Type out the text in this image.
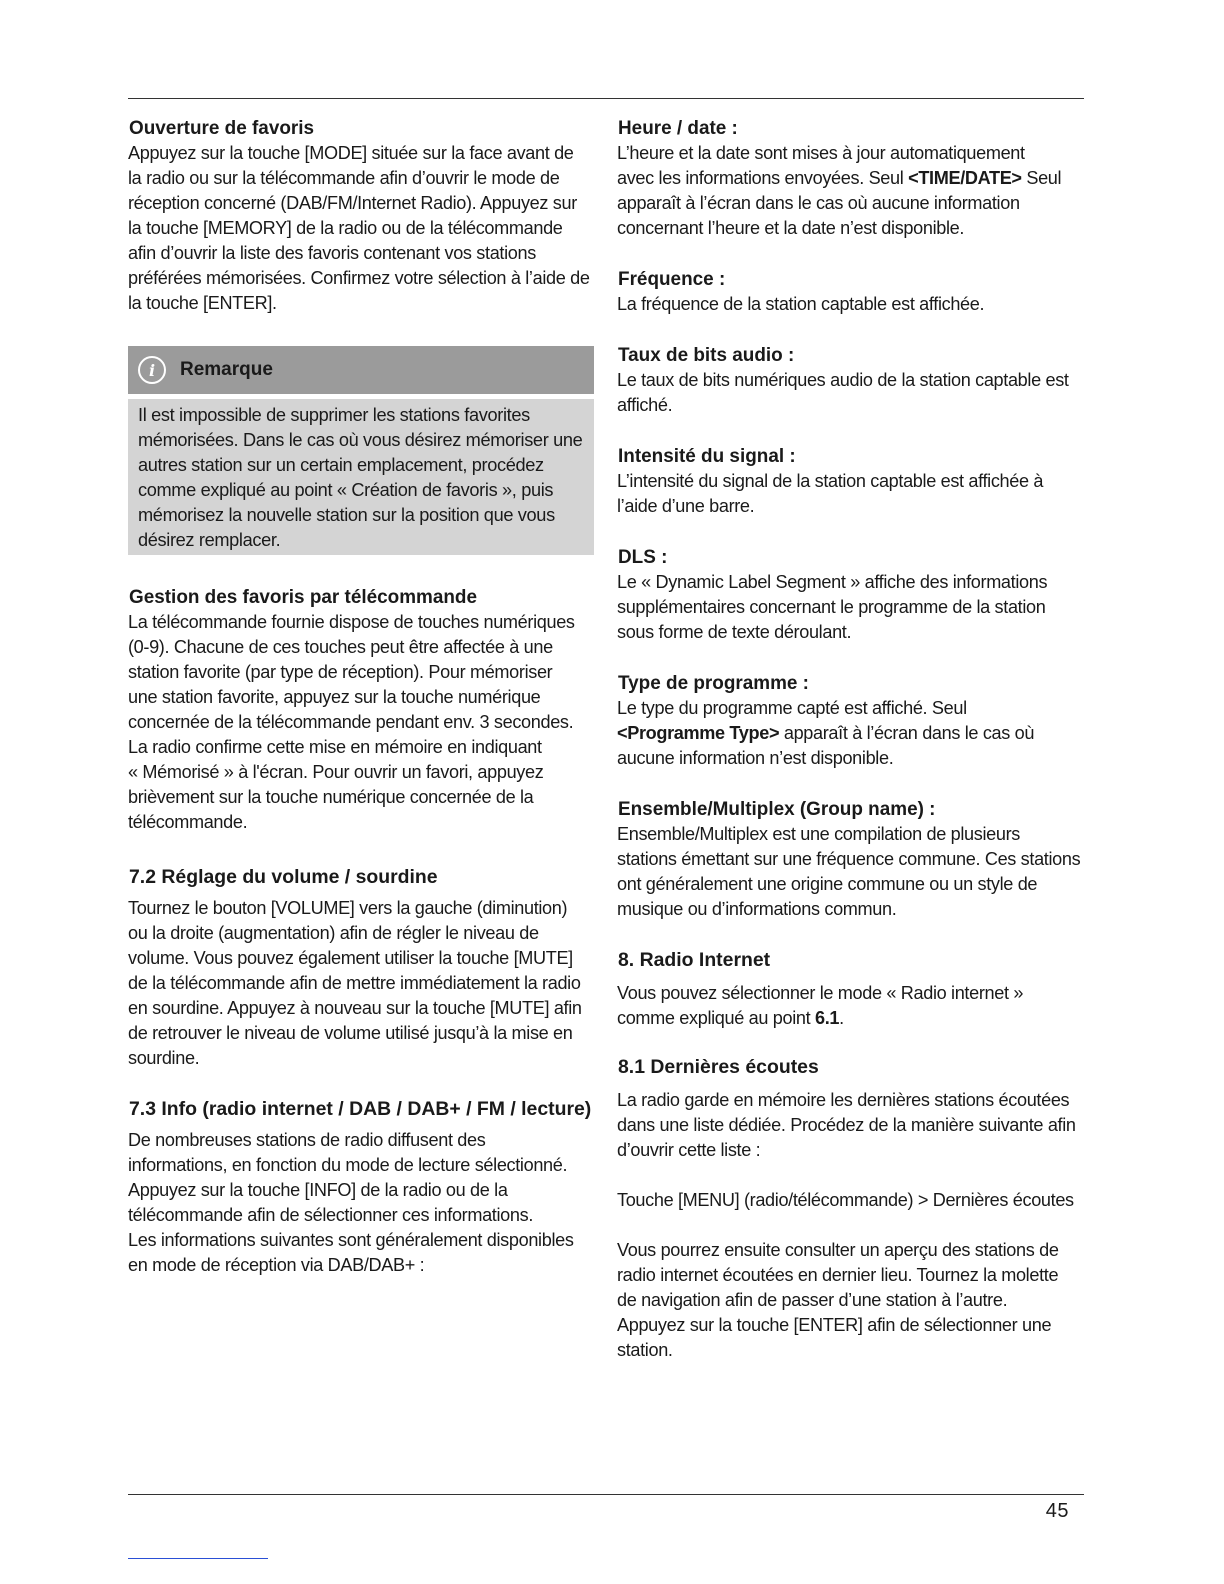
Ouverture de favoris

Appuyez sur la touche [MODE] située sur la face avant de

la radio ou sur la télécommande afin d’ouvrir le mode de

réception concerné (DAB/FM/Internet Radio). Appuyez sur

la touche [MEMORY] de la radio ou de la télécommande

afin d’ouvrir la liste des favoris contenant vos stations

préférées mémorisées. Confirmez votre sélection à l’aide de

la touche [ENTER].

i	Remarque

Il est impossible de supprimer les stations favorites

mémorisées. Dans le cas où vous désirez mémoriser une

autres station sur un certain emplacement, procédez

comme expliqué au point « Création de favoris », puis

mémorisez la nouvelle station sur la position que vous

désirez remplacer.

Gestion des favoris par télécommande

La télécommande fournie dispose de touches numériques

(0-9). Chacune de ces touches peut être affectée à une

station favorite (par type de réception). Pour mémoriser

une station favorite, appuyez sur la touche numérique

concernée de la télécommande pendant env. 3 secondes.

La radio confirme cette mise en mémoire en indiquant

« Mémorisé » à l'écran. Pour ouvrir un favori, appuyez

brièvement sur la touche numérique concernée de la

télécommande.

7.2 Réglage du volume / sourdine

Tournez le bouton [VOLUME] vers la gauche (diminution)

ou la droite (augmentation) afin de régler le niveau de

volume. Vous pouvez également utiliser la touche [MUTE]

de la télécommande afin de mettre immédiatement la radio

en sourdine. Appuyez à nouveau sur la touche [MUTE] afin

de retrouver le niveau de volume utilisé jusqu’à la mise en

sourdine.

7.3 Info (radio internet / DAB / DAB+ / FM / lecture)

De nombreuses stations de radio diffusent des

informations, en fonction du mode de lecture sélectionné.

Appuyez sur la touche [INFO] de la radio ou de la

télécommande afin de sélectionner ces informations.

Les informations suivantes sont généralement disponibles

en mode de réception via DAB/DAB+ :

Heure / date :

L’heure et la date sont mises à jour automatiquement

avec les informations envoyées. Seul <TIME/DATE> Seul

apparaît à l’écran dans le cas où aucune information

concernant l’heure et la date n’est disponible.

Fréquence :

La fréquence de la station captable est affichée.

Taux de bits audio :

Le taux de bits numériques audio de la station captable est

affiché.

Intensité du signal :

L’intensité du signal de la station captable est affichée à

l’aide d’une barre.

DLS :

Le « Dynamic Label Segment » affiche des informations

supplémentaires concernant le programme de la station

sous forme de texte déroulant.

Type de programme :

Le type du programme capté est affiché. Seul

<Programme Type> apparaît à l’écran dans le cas où

aucune information n’est disponible.

Ensemble/Multiplex (Group name) :

Ensemble/Multiplex est une compilation de plusieurs

stations émettant sur une fréquence commune. Ces stations

ont généralement une origine commune ou un style de

musique ou d’informations commun.

8. Radio Internet

Vous pouvez sélectionner le mode « Radio internet »

comme expliqué au point 6.1.

8.1 Dernières écoutes

La radio garde en mémoire les dernières stations écoutées

dans une liste dédiée. Procédez de la manière suivante afin

d’ouvrir cette liste :

Touche [MENU] (radio/télécommande) > Dernières écoutes

Vous pourrez ensuite consulter un aperçu des stations de

radio internet écoutées en dernier lieu. Tournez la molette

de navigation afin de passer d’une station à l’autre.

Appuyez sur la touche [ENTER] afin de sélectionner une

station.

45
